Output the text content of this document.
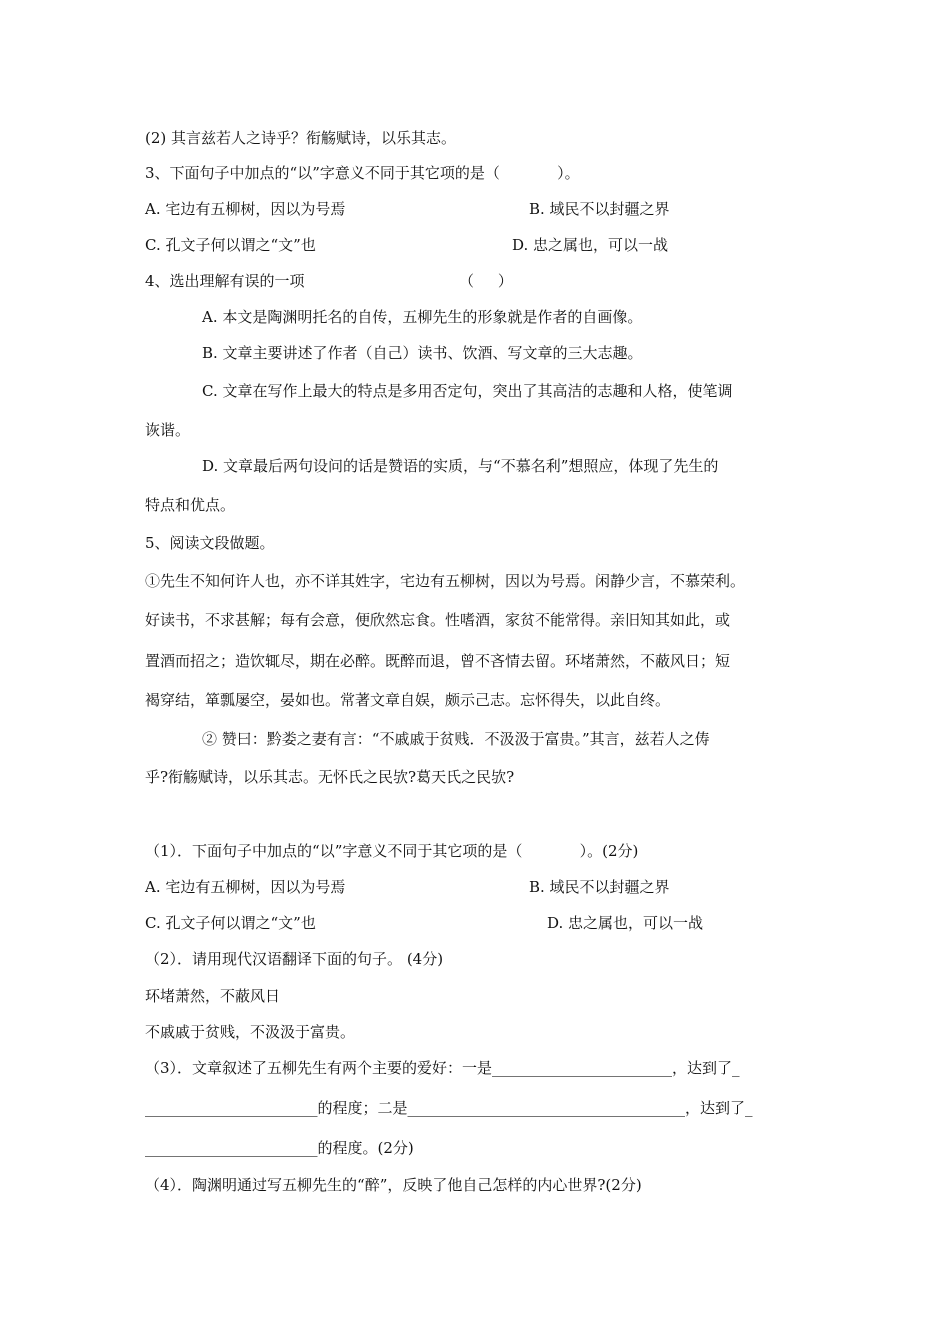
(2) 其言兹若人之诗乎？衔觞赋诗，以乐其志。
3、下面句子中加点的“以”字意义不同于其它项的是（            ）。
A. 宅边有五柳树，因以为号焉	B. 域民不以封疆之界
C. 孔文子何以谓之“文”也	D. 忠之属也，可以一战
4、选出理解有误的一项	（     ）
A. 本文是陶渊明托名的自传，五柳先生的形象就是作者的自画像。
B. 文章主要讲述了作者（自己）读书、饮酒、写文章的三大志趣。
C. 文章在写作上最大的特点是多用否定句，突出了其高洁的志趣和人格，使笔调
诙谐。
D. 文章最后两句设问的话是赞语的实质，与“不慕名利”想照应，体现了先生的
特点和优点。
5、阅读文段做题。
①先生不知何许人也，亦不详其姓字，宅边有五柳树，因以为号焉。闲静少言，不慕荣利。
好读书，不求甚解；每有会意，便欣然忘食。性嗜酒，家贫不能常得。亲旧知其如此，或
置酒而招之；造饮辄尽，期在必醉。既醉而退，曾不吝情去留。环堵萧然，不蔽风日；短
褐穿结，箪瓢屡空，晏如也。常著文章自娱，颇示己志。忘怀得失，以此自终。
② 赞曰：黔娄之妻有言：“不戚戚于贫贱．不汲汲于富贵。”其言，兹若人之俦
乎?衔觞赋诗，以乐其志。无怀氏之民欤?葛天氏之民欤?
（1）．下面句子中加点的“以”字意义不同于其它项的是（            ）。(2分)
A. 宅边有五柳树，因以为号焉	B. 域民不以封疆之界
C. 孔文子何以谓之“文”也	D. 忠之属也，可以一战
（2）．请用现代汉语翻译下面的句子。 (4分)
环堵萧然，不蔽风日
不戚戚于贫贱，不汲汲于富贵。
（3）．文章叙述了五柳先生有两个主要的爱好：一是________________________，达到了_
_______________________的程度；二是_____________________________________，达到了_
_______________________的程度。(2分)
（4）．陶渊明通过写五柳先生的“醉”，反映了他自己怎样的内心世界?(2分)
